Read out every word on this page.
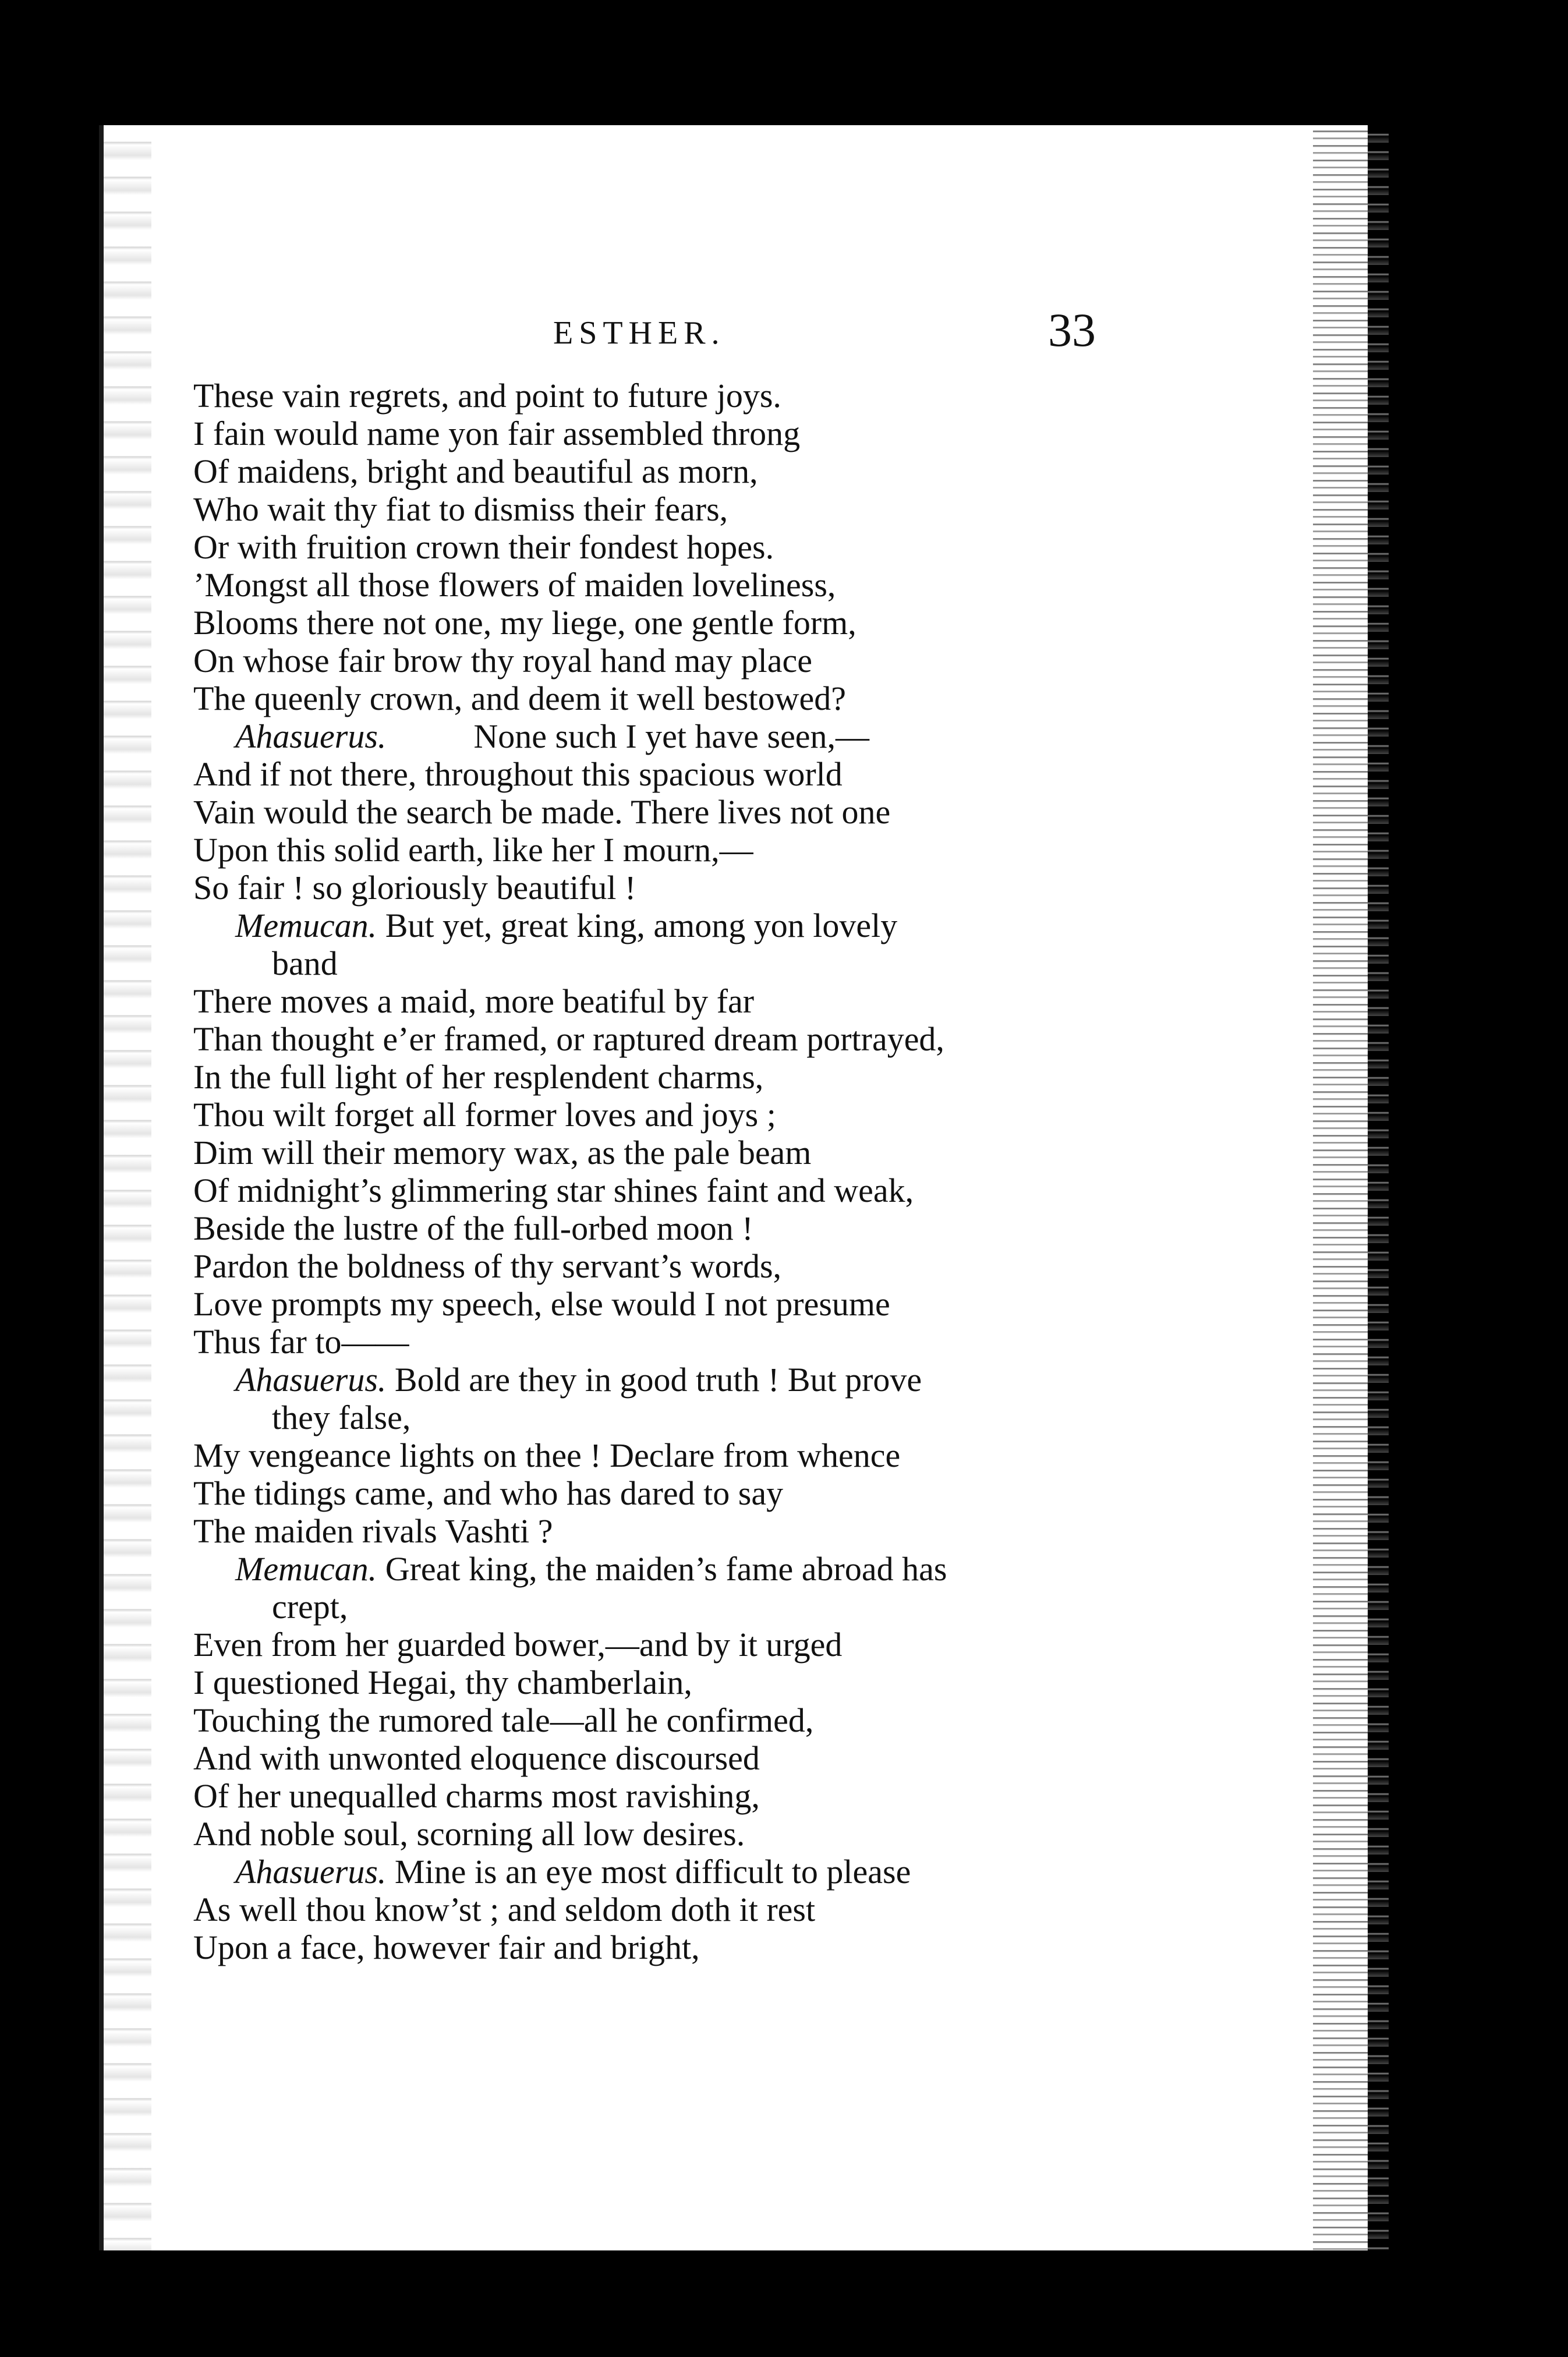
ESTHER.	33
These vain regrets, and point to future joys.
I fain would name yon fair assembled throng
Of maidens, bright and beautiful as morn,
Who wait thy fiat to dismiss their fears,
Or with fruition crown their fondest hopes.
’Mongst all those flowers of maiden loveliness,
Blooms there not one, my liege, one gentle form,
On whose fair brow thy royal hand may place
The queenly crown, and deem it well bestowed?
Ahasuerus.	None such I yet have seen,—
And if not there, throughout this spacious world
Vain would the search be made. There lives not one
Upon this solid earth, like her I mourn,—
So fair ! so gloriously beautiful !
Memucan. But yet, great king, among yon lovely
band
There moves a maid, more beatiful by far
Than thought e’er framed, or raptured dream portrayed,
In the full light of her resplendent charms,
Thou wilt forget all former loves and joys ;
Dim will their memory wax, as the pale beam
Of midnight’s glimmering star shines faint and weak,
Beside the lustre of the full-orbed moon !
Pardon the boldness of thy servant’s words,
Love prompts my speech, else would I not presume
Thus far to——
Ahasuerus. Bold are they in good truth ! But prove
they false,
My vengeance lights on thee ! Declare from whence
The tidings came, and who has dared to say
The maiden rivals Vashti ?
Memucan. Great king, the maiden’s fame abroad has
crept,
Even from her guarded bower,—and by it urged
I questioned Hegai, thy chamberlain,
Touching the rumored tale—all he confirmed,
And with unwonted eloquence discoursed
Of her unequalled charms most ravishing,
And noble soul, scorning all low desires.
Ahasuerus. Mine is an eye most difficult to please
As well thou know’st ; and seldom doth it rest
Upon a face, however fair and bright,
